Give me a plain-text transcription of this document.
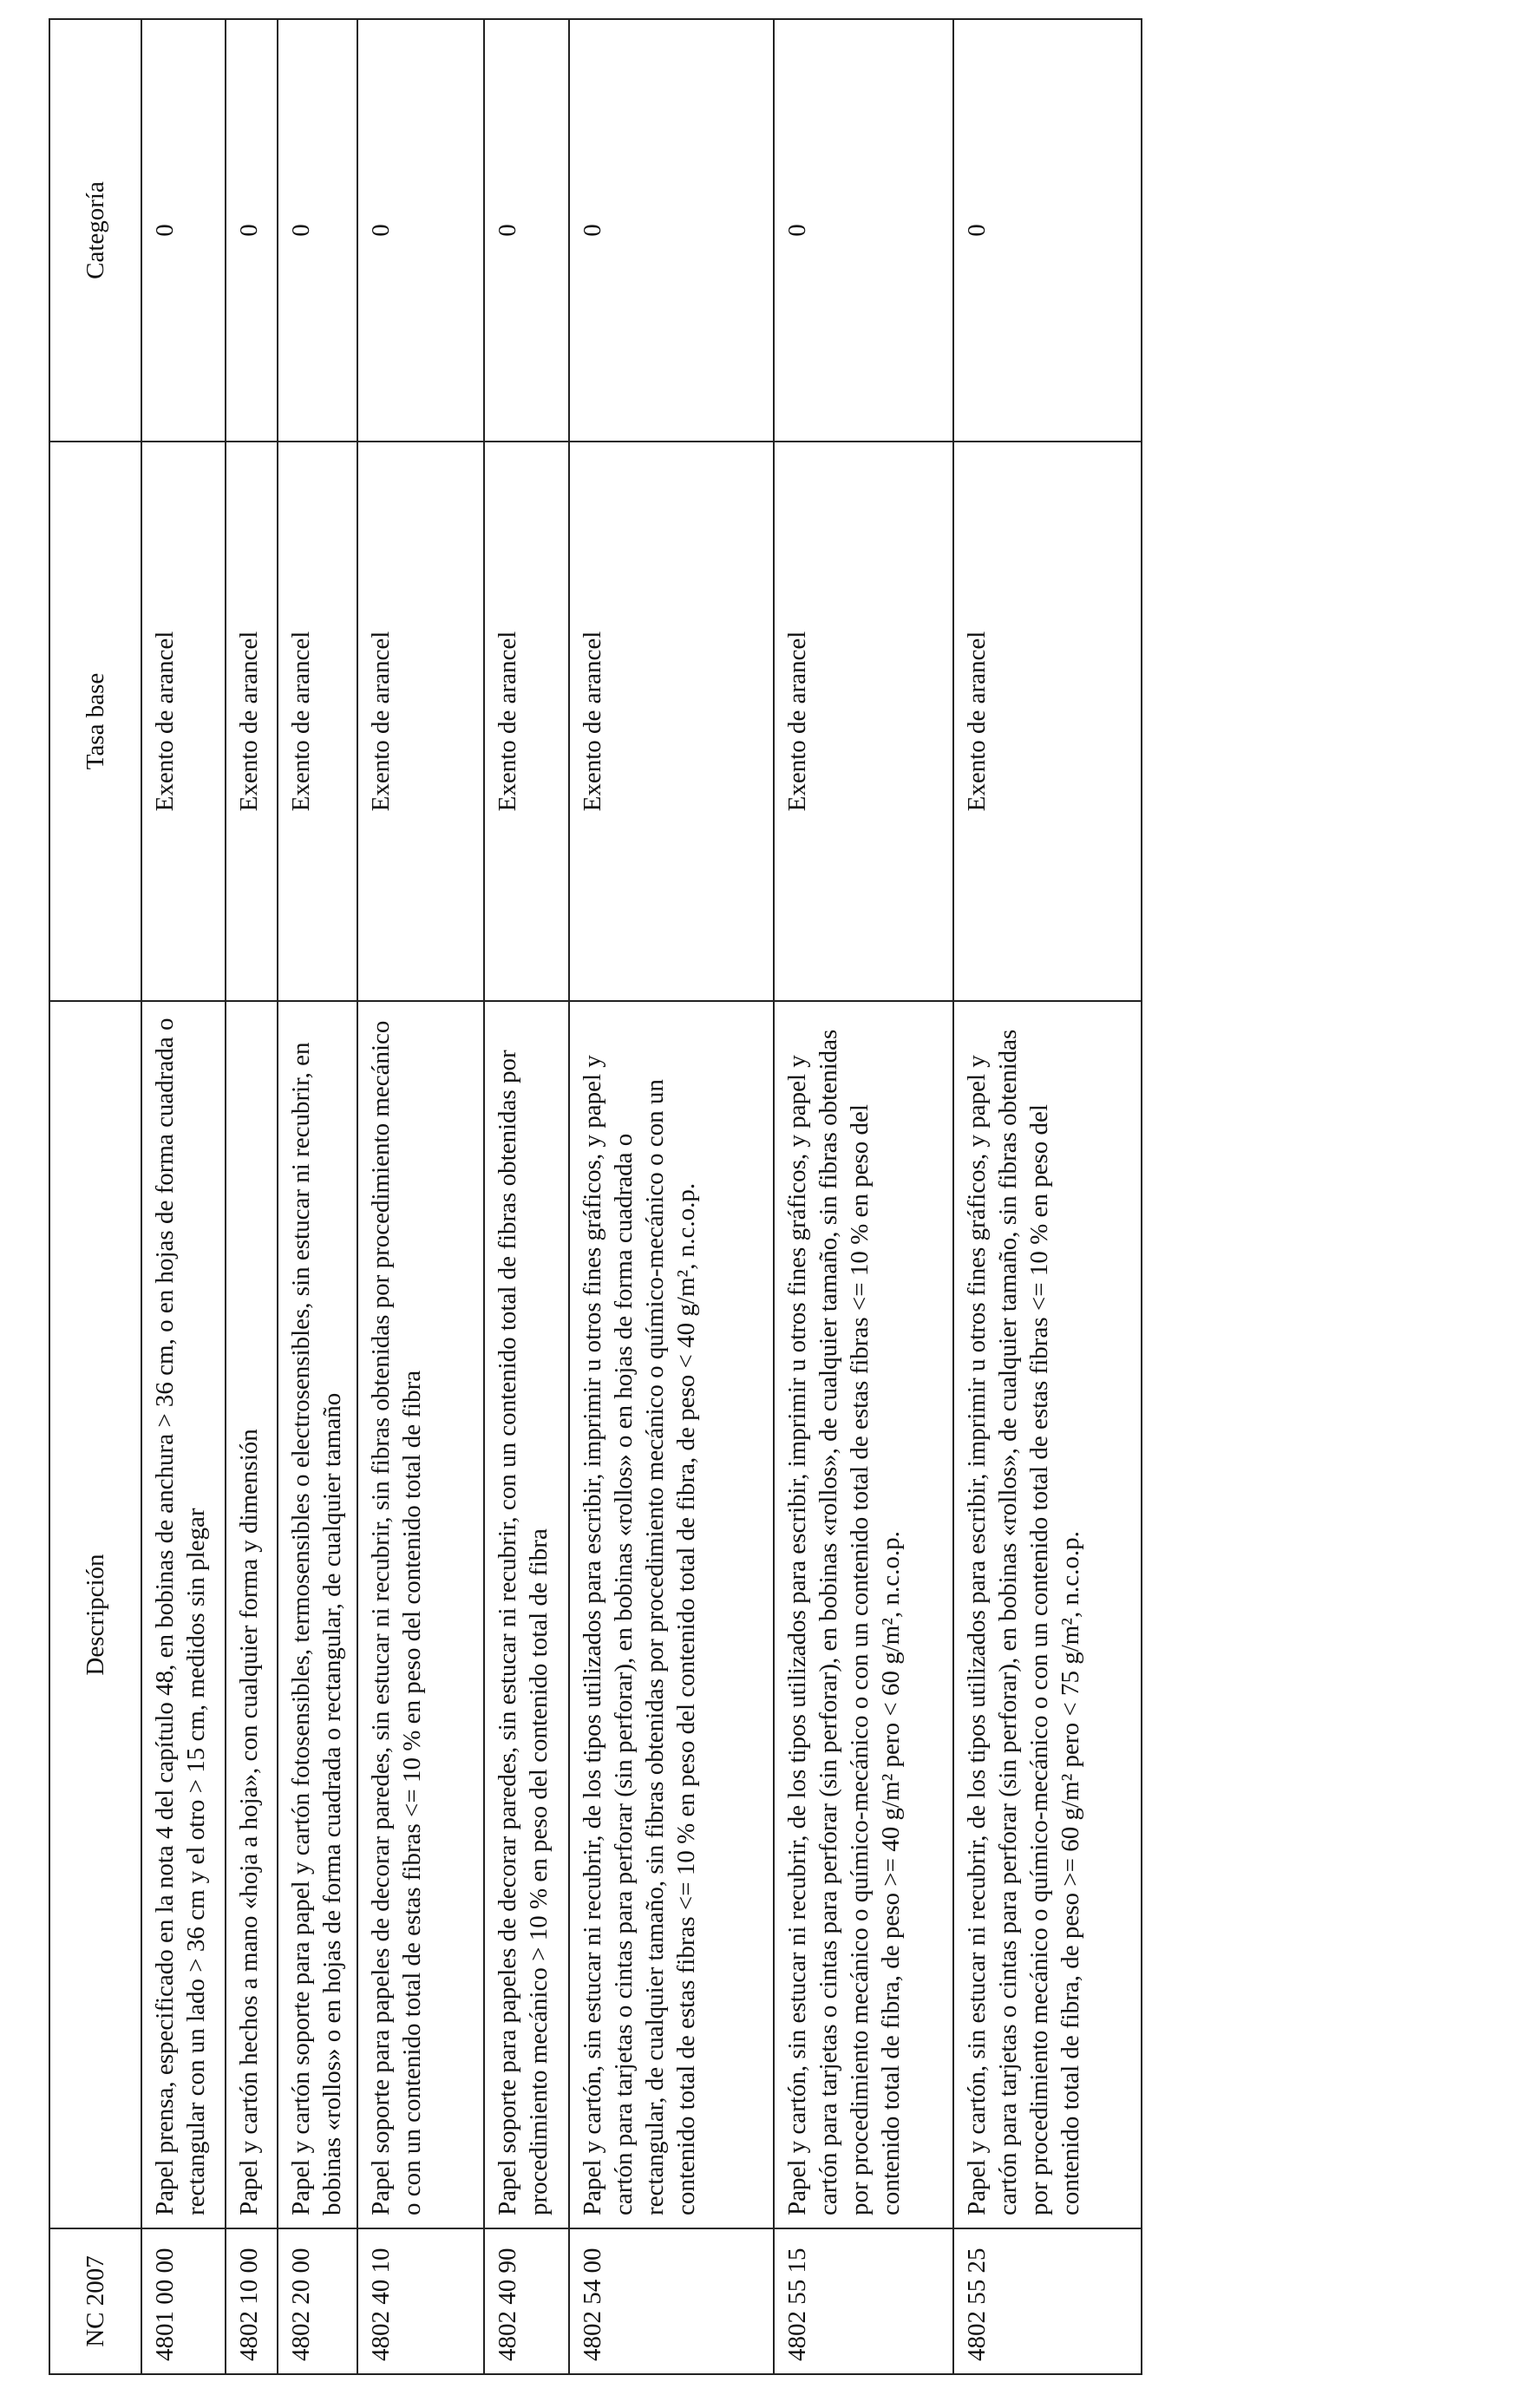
NC 2007	Descripción	Tasa base	Categoría
4801 00 00	Papel prensa, especificado en la nota 4 del capítulo 48, en bobinas de anchura > 36 cm, o en hojas de forma cuadrada o rectangular con un lado > 36 cm y el otro > 15 cm, medidos sin plegar	Exento de arancel	0
4802 10 00	Papel y cartón hechos a mano «hoja a hoja», con cualquier forma y dimensión	Exento de arancel	0
4802 20 00	Papel y cartón soporte para papel y cartón fotosensibles, termosensibles o electrosensibles, sin estucar ni recubrir, en bobinas «rollos» o en hojas de forma cuadrada o rectangular, de cualquier tamaño	Exento de arancel	0
4802 40 10	Papel soporte para papeles de decorar paredes, sin estucar ni recubrir, sin fibras obtenidas por procedimiento mecánico o con un contenido total de estas fibras <= 10 % en peso del contenido total de fibra	Exento de arancel	0
4802 40 90	Papel soporte para papeles de decorar paredes, sin estucar ni recubrir, con un contenido total de fibras obtenidas por procedimiento mecánico > 10 % en peso del contenido total de fibra	Exento de arancel	0
4802 54 00	Papel y cartón, sin estucar ni recubrir, de los tipos utilizados para escribir, imprimir u otros fines gráficos, y papel y cartón para tarjetas o cintas para perforar (sin perforar), en bobinas «rollos» o en hojas de forma cuadrada o rectangular, de cualquier tamaño, sin fibras obtenidas por procedimiento mecánico o químico-mecánico o con un contenido total de estas fibras <= 10 % en peso del contenido total de fibra, de peso < 40 g/m², n.c.o.p.	Exento de arancel	0
4802 55 15	Papel y cartón, sin estucar ni recubrir, de los tipos utilizados para escribir, imprimir u otros fines gráficos, y papel y cartón para tarjetas o cintas para perforar (sin perforar), en bobinas «rollos», de cualquier tamaño, sin fibras obtenidas por procedimiento mecánico o químico-mecánico o con un contenido total de estas fibras <= 10 % en peso del contenido total de fibra, de peso >= 40 g/m² pero < 60 g/m², n.c.o.p.	Exento de arancel	0
4802 55 25	Papel y cartón, sin estucar ni recubrir, de los tipos utilizados para escribir, imprimir u otros fines gráficos, y papel y cartón para tarjetas o cintas para perforar (sin perforar), en bobinas «rollos», de cualquier tamaño, sin fibras obtenidas por procedimiento mecánico o químico-mecánico o con un contenido total de estas fibras <= 10 % en peso del contenido total de fibra, de peso >= 60 g/m² pero < 75 g/m², n.c.o.p.	Exento de arancel	0
